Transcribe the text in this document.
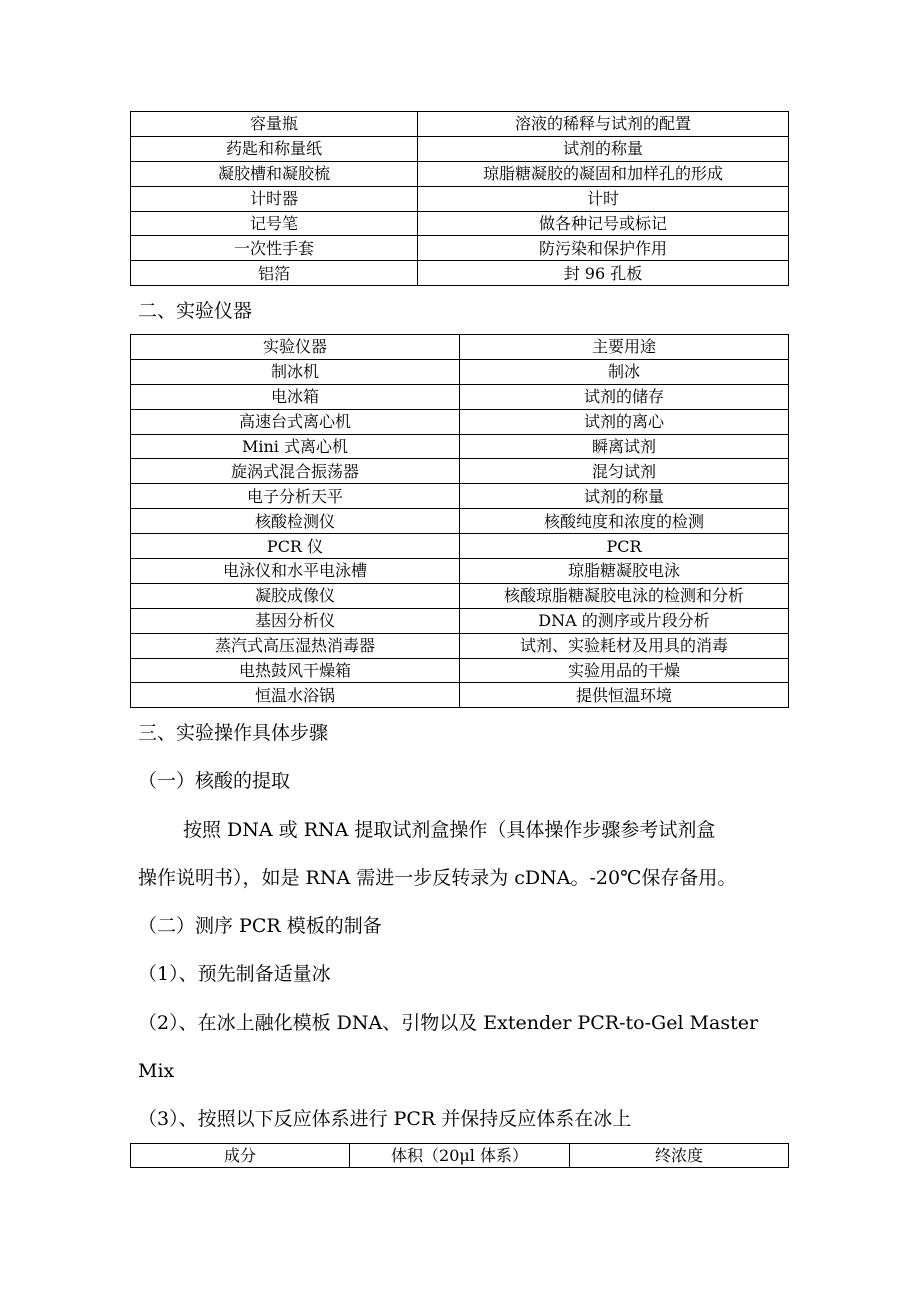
容量瓶	溶液的稀释与试剂的配置
药匙和称量纸	试剂的称量
凝胶槽和凝胶梳	琼脂糖凝胶的凝固和加样孔的形成
计时器	计时
记号笔	做各种记号或标记
一次性手套	防污染和保护作用
铝箔	封 96 孔板
二、实验仪器
实验仪器	主要用途
制冰机	制冰
电冰箱	试剂的储存
高速台式离心机	试剂的离心
Mini 式离心机	瞬离试剂
旋涡式混合振荡器	混匀试剂
电子分析天平	试剂的称量
核酸检测仪	核酸纯度和浓度的检测
PCR 仪	PCR
电泳仪和水平电泳槽	琼脂糖凝胶电泳
凝胶成像仪	核酸琼脂糖凝胶电泳的检测和分析
基因分析仪	DNA 的测序或片段分析
蒸汽式高压湿热消毒器	试剂、实验耗材及用具的消毒
电热鼓风干燥箱	实验用品的干燥
恒温水浴锅	提供恒温环境
三、实验操作具体步骤
（一）核酸的提取
按照 DNA 或 RNA 提取试剂盒操作（具体操作步骤参考试剂盒
操作说明书），如是 RNA 需进一步反转录为 cDNA。-20℃保存备用。
（二）测序 PCR 模板的制备
（1）、预先制备适量冰
（2）、在冰上融化模板 DNA、引物以及 Extender PCR-to-Gel Master
Mix
（3）、按照以下反应体系进行 PCR 并保持反应体系在冰上
成分	体积（20μl 体系）	终浓度
